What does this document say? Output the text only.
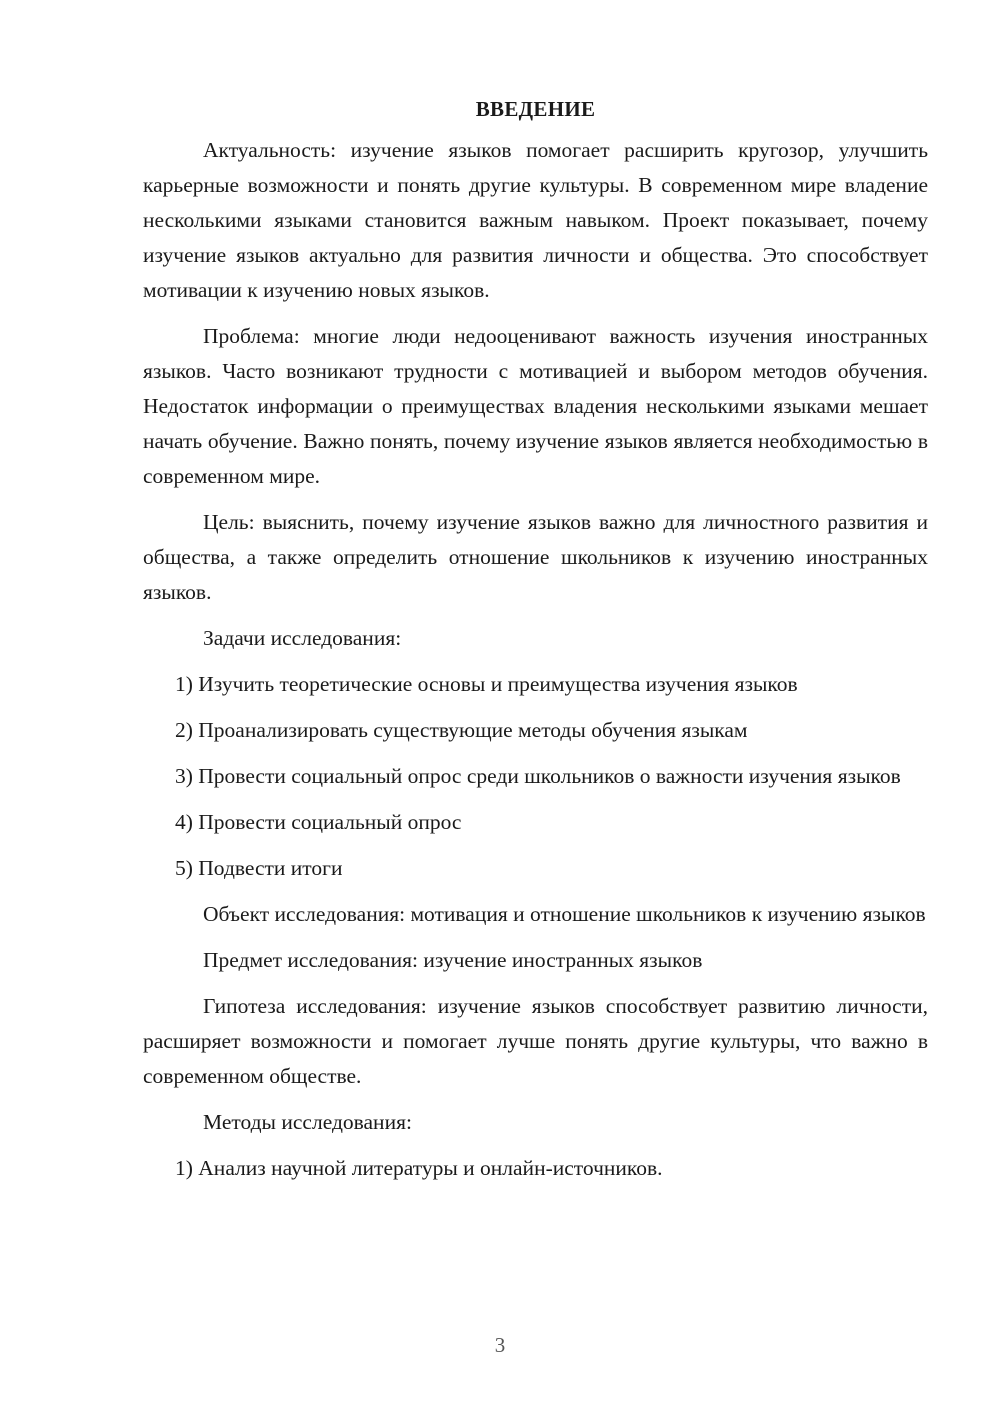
ВВЕДЕНИЕ

Актуальность: изучение языков помогает расширить кругозор, улучшить карьерные возможности и понять другие культуры. В современном мире владение несколькими языками становится важным навыком. Проект показывает, почему изучение языков актуально для развития личности и общества. Это способствует мотивации к изучению новых языков.

Проблема: многие люди недооценивают важность изучения иностранных языков. Часто возникают трудности с мотивацией и выбором методов обучения. Недостаток информации о преимуществах владения несколькими языками мешает начать обучение. Важно понять, почему изучение языков является необходимостью в современном мире.

Цель: выяснить, почему изучение языков важно для личностного развития и общества, а также определить отношение школьников к изучению иностранных языков.

Задачи исследования:

1) Изучить теоретические основы и преимущества изучения языков

2) Проанализировать существующие методы обучения языкам

3) Провести социальный опрос среди школьников о важности изучения языков

4) Провести социальный опрос

5) Подвести итоги

Объект исследования: мотивация и отношение школьников к изучению языков

Предмет исследования: изучение иностранных языков

Гипотеза исследования: изучение языков способствует развитию личности, расширяет возможности и помогает лучше понять другие культуры, что важно в современном обществе.

Методы исследования:

1) Анализ научной литературы и онлайн-источников.

3
